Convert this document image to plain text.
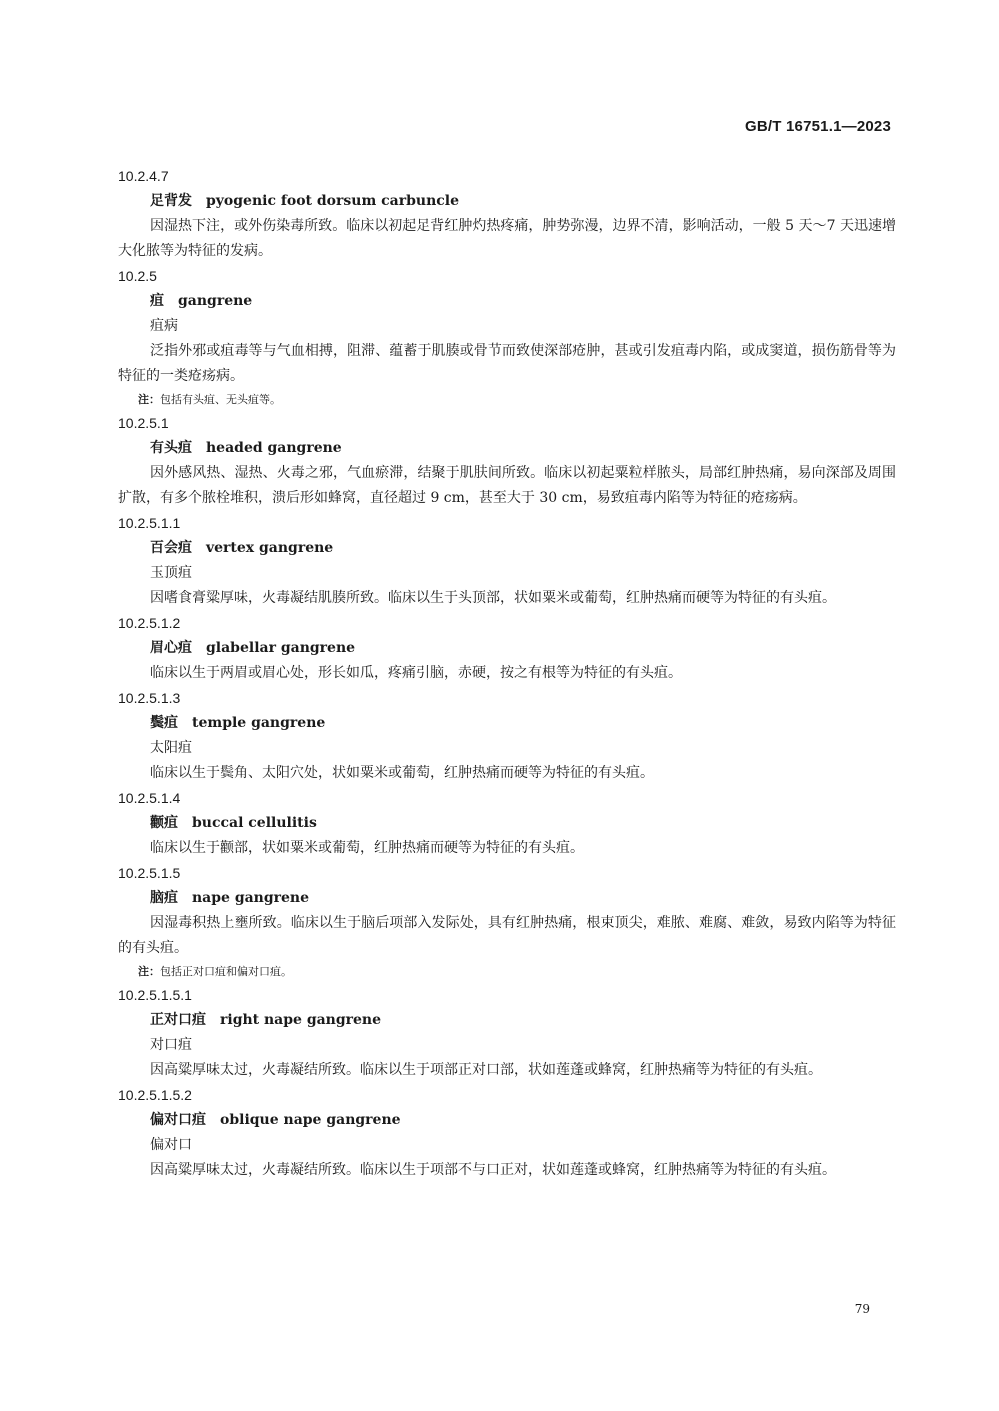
GB/T 16751.1—2023
10.2.4.7
足背发 pyogenic foot dorsum carbuncle
因湿热下注，或外伤染毒所致。临床以初起足背红肿灼热疼痛，肿势弥漫，边界不清，影响活动，一般 5 天～7 天迅速增大化脓等为特征的发病。
10.2.5
疽 gangrene
疽病
泛指外邪或疽毒等与气血相搏，阻滞、蕴蓄于肌腠或骨节而致使深部疮肿，甚或引发疽毒内陷，或成窦道，损伤筋骨等为特征的一类疮疡病。
注：包括有头疽、无头疽等。
10.2.5.1
有头疽 headed gangrene
因外感风热、湿热、火毒之邪，气血瘀滞，结聚于肌肤间所致。临床以初起粟粒样脓头，局部红肿热痛，易向深部及周围扩散，有多个脓栓堆积，溃后形如蜂窝，直径超过 9 cm，甚至大于 30 cm，易致疽毒内陷等为特征的疮疡病。
10.2.5.1.1
百会疽 vertex gangrene
玉顶疽
因嗜食膏粱厚味，火毒凝结肌腠所致。临床以生于头顶部，状如粟米或葡萄，红肿热痛而硬等为特征的有头疽。
10.2.5.1.2
眉心疽 glabellar gangrene
临床以生于两眉或眉心处，形长如瓜，疼痛引脑，赤硬，按之有根等为特征的有头疽。
10.2.5.1.3
鬓疽 temple gangrene
太阳疽
临床以生于鬓角、太阳穴处，状如粟米或葡萄，红肿热痛而硬等为特征的有头疽。
10.2.5.1.4
颧疽 buccal cellulitis
临床以生于颧部，状如粟米或葡萄，红肿热痛而硬等为特征的有头疽。
10.2.5.1.5
脑疽 nape gangrene
因湿毒积热上壅所致。临床以生于脑后项部入发际处，具有红肿热痛，根束顶尖，难脓、难腐、难敛，易致内陷等为特征的有头疽。
注：包括正对口疽和偏对口疽。
10.2.5.1.5.1
正对口疽 right nape gangrene
对口疽
因高粱厚味太过，火毒凝结所致。临床以生于项部正对口部，状如莲蓬或蜂窝，红肿热痛等为特征的有头疽。
10.2.5.1.5.2
偏对口疽 oblique nape gangrene
偏对口
因高粱厚味太过，火毒凝结所致。临床以生于项部不与口正对，状如莲蓬或蜂窝，红肿热痛等为特征的有头疽。
79
